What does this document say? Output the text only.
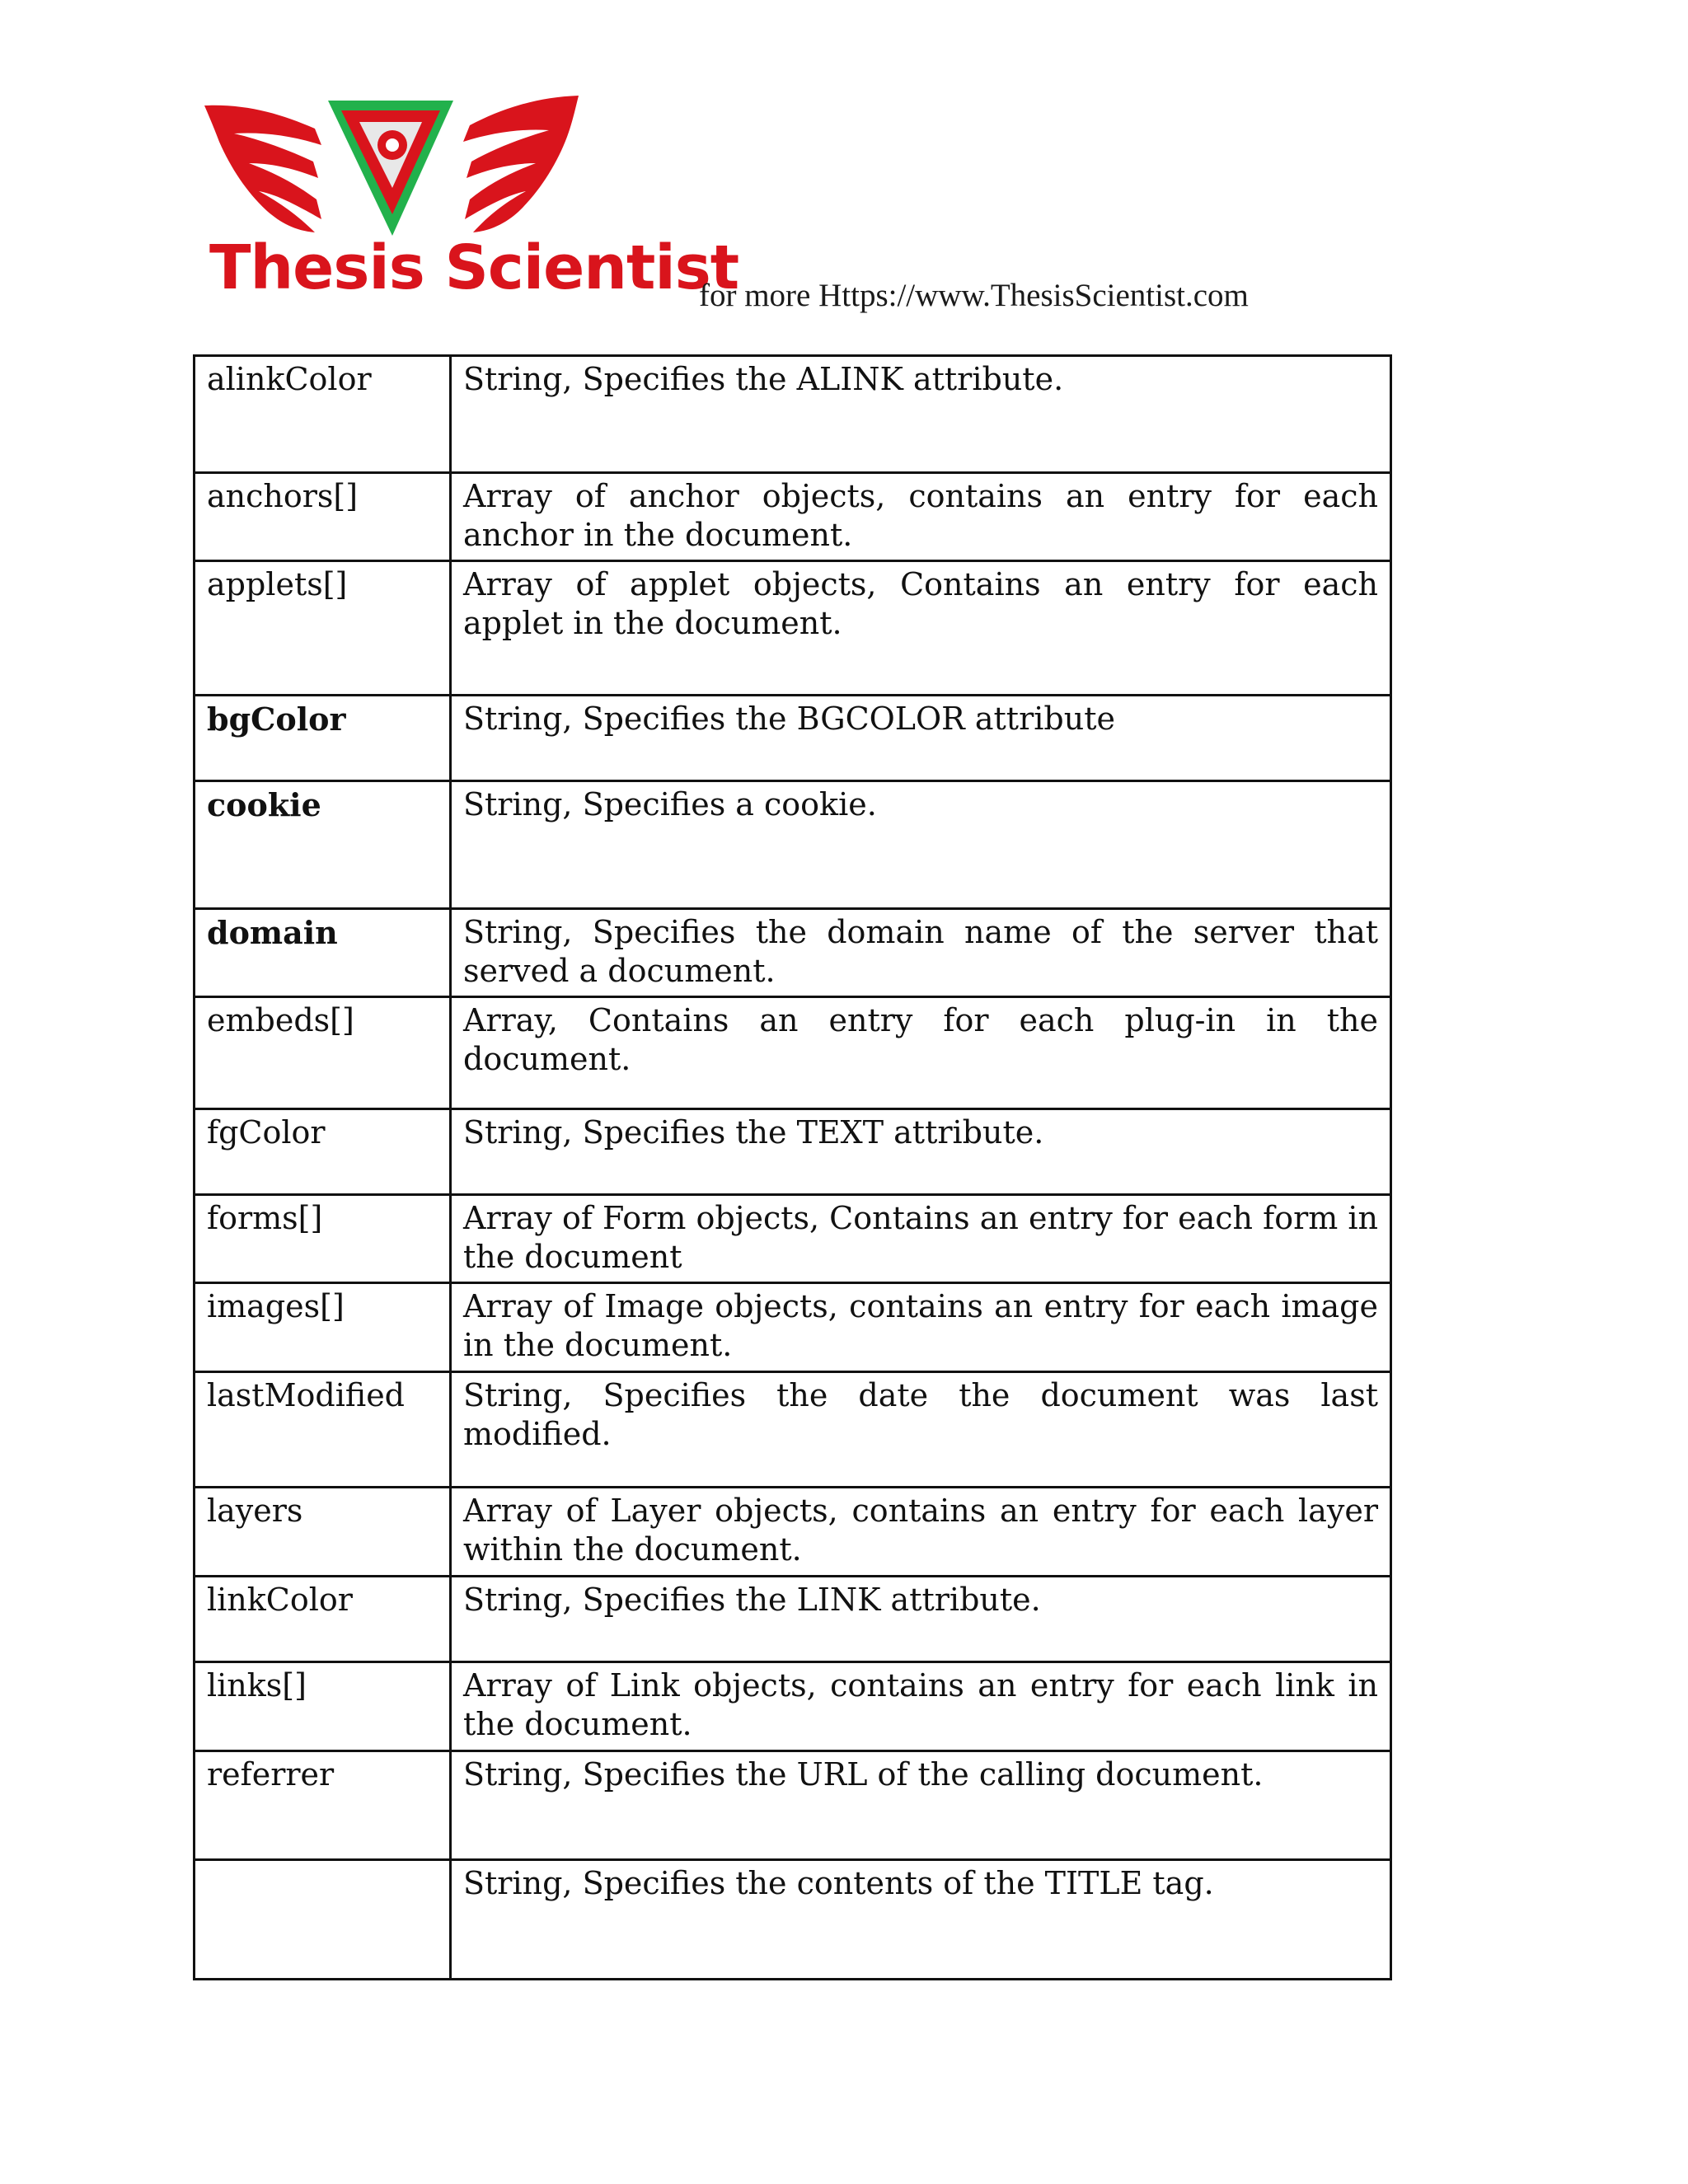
Thesis Scientist
for more Https://www.ThesisScientist.com
alinkColor	String, Specifies the ALINK attribute.
anchors[]	Array of anchor objects, contains an entry for each anchor in the document.
applets[]	Array of applet objects, Contains an entry for each applet in the document.
bgColor	String, Specifies the BGCOLOR attribute
cookie	String, Specifies a cookie.
domain	String, Specifies the domain name of the server that served a document.
embeds[]	Array, Contains an entry for each plug-in in the document.
fgColor	String, Specifies the TEXT attribute.
forms[]	Array of Form objects, Contains an entry for each form in the document
images[]	Array of Image objects, contains an entry for each image in the document.
lastModified	String, Specifies the date the document was last modified.
layers	Array of Layer objects, contains an entry for each layer within the document.
linkColor	String, Specifies the LINK attribute.
links[]	Array of Link objects, contains an entry for each link in the document.
referrer	String, Specifies the URL of the calling document.
	String, Specifies the contents of the TITLE tag.
